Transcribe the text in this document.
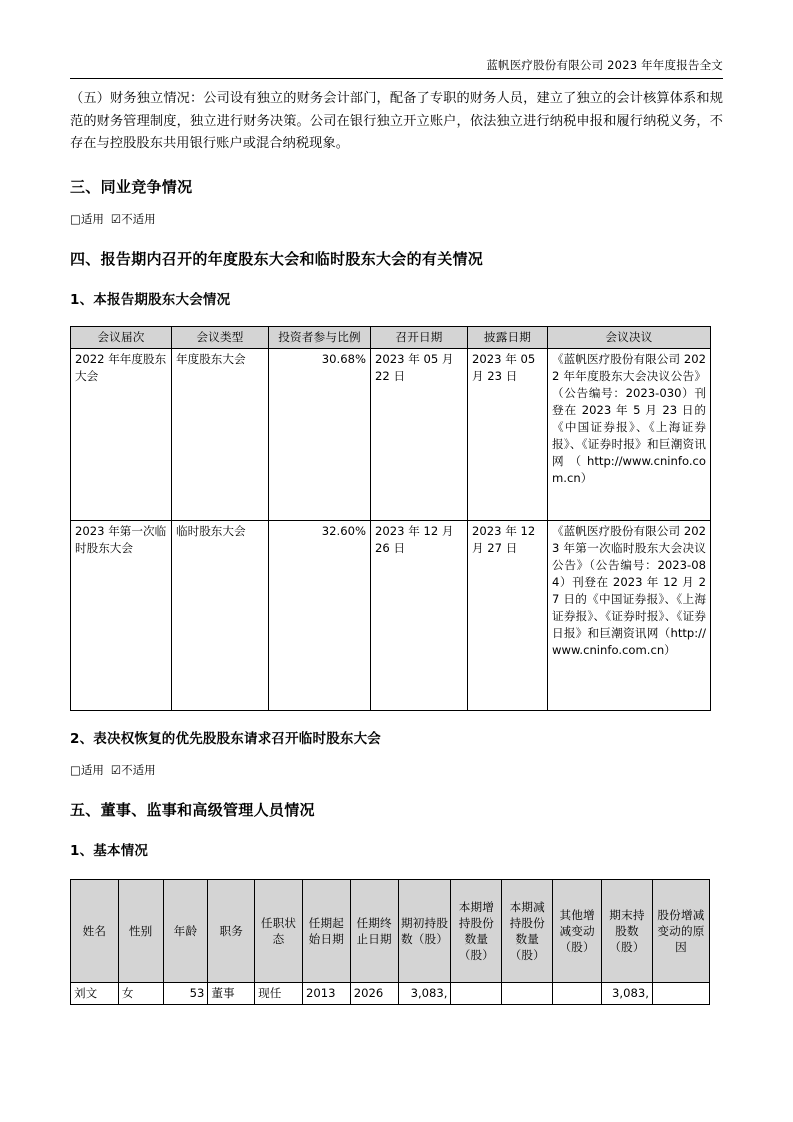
蓝帆医疗股份有限公司 2023 年年度报告全文

（五）财务独立情况：公司设有独立的财务会计部门，配备了专职的财务人员，建立了独立的会计核算体系和规范的财务管理制度，独立进行财务决策。公司在银行独立开立账户，依法独立进行纳税申报和履行纳税义务，不存在与控股股东共用银行账户或混合纳税现象。

三、同业竞争情况

□适用 ☑不适用

四、报告期内召开的年度股东大会和临时股东大会的有关情况
1、本报告期股东大会情况
会议届次	会议类型	投资者参与比例	召开日期	披露日期	会议决议
2022 年年度股东大会	年度股东大会	30.68%	2023 年 05 月 22 日	2023 年 05 月 23 日	《蓝帆医疗股份有限公司 2022 年年度股东大会决议公告》（公告编号：2023-030）刊登在 2023 年 5 月 23 日的《中国证券报》、《上海证券报》、《证券时报》和巨潮资讯网（http://www.cninfo.com.cn）
2023 年第一次临时股东大会	临时股东大会	32.60%	2023 年 12 月 26 日	2023 年 12 月 27 日	《蓝帆医疗股份有限公司 2023 年第一次临时股东大会决议公告》（公告编号：2023-084）刊登在 2023 年 12 月 27 日的《中国证券报》、《上海证券报》、《证券时报》、《证券日报》和巨潮资讯网（http://www.cninfo.com.cn）
2、表决权恢复的优先股股东请求召开临时股东大会

□适用 ☑不适用

五、董事、监事和高级管理人员情况
1、基本情况
姓名	性别	年龄	职务	任职状态	任期起始日期	任期终止日期	期初持股数（股）	本期增持股份数量（股）	本期减持股份数量（股）	其他增减变动（股）	期末持股数（股）	股份增减变动的原因
刘文	女	53	董事	现任	2013	2026	3,083,				3,083,	
